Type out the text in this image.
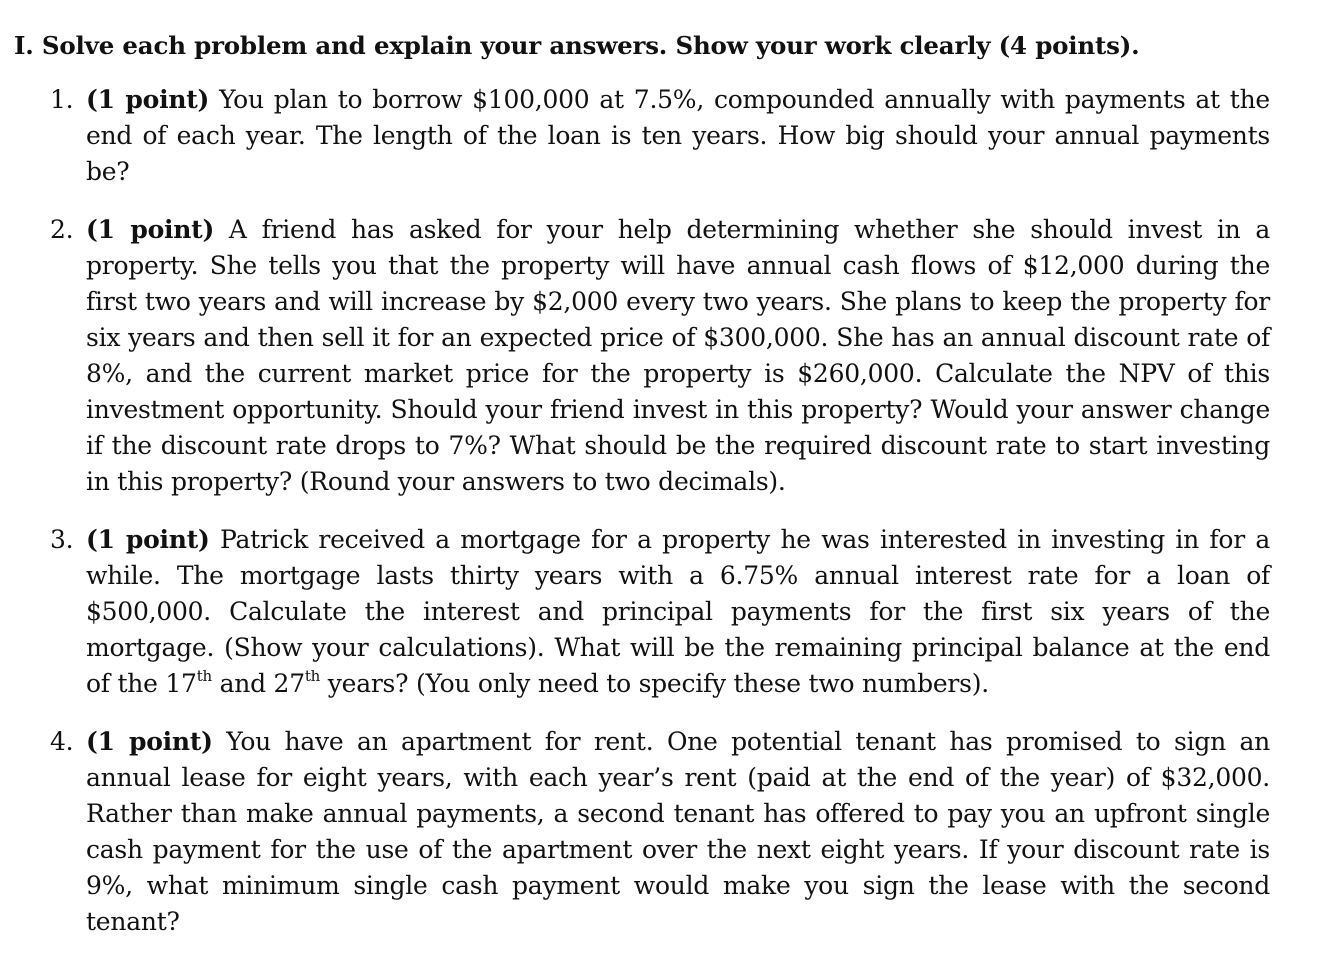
I. Solve each problem and explain your answers. Show your work clearly (4 points).
1. (1 point) You plan to borrow $100,000 at 7.5%, compounded annually with payments at the end of each year. The length of the loan is ten years. How big should your annual payments be?
2. (1 point) A friend has asked for your help determining whether she should invest in a property. She tells you that the property will have annual cash flows of $12,000 during the first two years and will increase by $2,000 every two years. She plans to keep the property for six years and then sell it for an expected price of $300,000. She has an annual discount rate of 8%, and the current market price for the property is $260,000. Calculate the NPV of this investment opportunity. Should your friend invest in this property? Would your answer change if the discount rate drops to 7%? What should be the required discount rate to start investing in this property? (Round your answers to two decimals).
3. (1 point) Patrick received a mortgage for a property he was interested in investing in for a while. The mortgage lasts thirty years with a 6.75% annual interest rate for a loan of $500,000. Calculate the interest and principal payments for the first six years of the mortgage. (Show your calculations). What will be the remaining principal balance at the end of the 17th and 27th years? (You only need to specify these two numbers).
4. (1 point) You have an apartment for rent. One potential tenant has promised to sign an annual lease for eight years, with each year’s rent (paid at the end of the year) of $32,000. Rather than make annual payments, a second tenant has offered to pay you an upfront single cash payment for the use of the apartment over the next eight years. If your discount rate is 9%, what minimum single cash payment would make you sign the lease with the second tenant?
